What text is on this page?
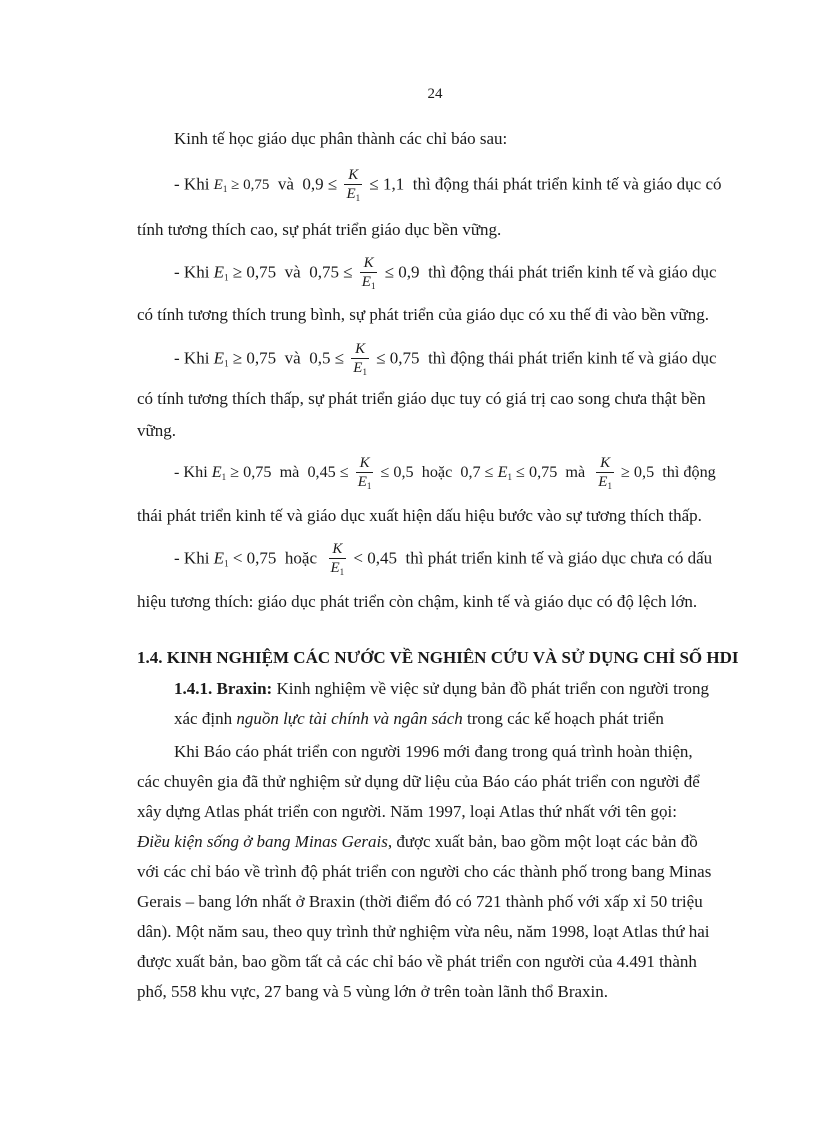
24
Kinh tế học giáo dục phân thành các chỉ báo sau:
- Khi $E_1 \ge 0,75$ và $0,9 \le \frac{K}{E_1} \le 1,1$ thì động thái phát triển kinh tế và giáo dục có
tính tương thích cao, sự phát triển giáo dục bền vững.
- Khi $E_1 \ge 0,75$ và $0,75 \le \frac{K}{E_1} \le 0,9$ thì động thái phát triển kinh tế và giáo dục
có tính tương thích trung bình, sự phát triển của giáo dục có xu thế đi vào bền vững.
- Khi $E_1 \ge 0,75$ và $0,5 \le \frac{K}{E_1} \le 0,75$ thì động thái phát triển kinh tế và giáo dục
có tính tương thích thấp, sự phát triển giáo dục tuy có giá trị cao song chưa thật bền
vững.
- Khi $E_1 \ge 0,75$ mà $0,45 \le \frac{K}{E_1} \le 0,5$ hoặc $0,7 \le E_1 \le 0,75$ mà $\frac{K}{E_1} \ge 0,5$ thì động
thái phát triển kinh tế và giáo dục xuất hiện dấu hiệu bước vào sự tương thích thấp.
- Khi $E_1 < 0,75$ hoặc $\frac{K}{E_1} < 0,45$ thì phát triển kinh tế và giáo dục chưa có dấu
hiệu tương thích: giáo dục phát triển còn chậm, kinh tế và giáo dục có độ lệch lớn.
1.4. KINH NGHIỆM CÁC NƯỚC VỀ NGHIÊN CỨU VÀ SỬ DỤNG CHỈ SỐ HDI
1.4.1. Braxin: Kinh nghiệm về việc sử dụng bản đồ phát triển con người trong
xác định nguồn lực tài chính và ngân sách trong các kế hoạch phát triển
Khi Báo cáo phát triển con người 1996 mới đang trong quá trình hoàn thiện,
các chuyên gia đã thử nghiệm sử dụng dữ liệu của Báo cáo phát triển con người để
xây dựng Atlas phát triển con người. Năm 1997, loại Atlas thứ nhất với tên gọi:
Điều kiện sống ở bang Minas Gerais, được xuất bản, bao gồm một loạt các bản đồ
với các chỉ báo về trình độ phát triển con người cho các thành phố trong bang Minas
Gerais – bang lớn nhất ở Braxin (thời điểm đó có 721 thành phố với xấp xỉ 50 triệu
dân). Một năm sau, theo quy trình thử nghiệm vừa nêu, năm 1998, loạt Atlas thứ hai
được xuất bản, bao gồm tất cả các chỉ báo về phát triển con người của 4.491 thành
phố, 558 khu vực, 27 bang và 5 vùng lớn ở trên toàn lãnh thổ Braxin.
